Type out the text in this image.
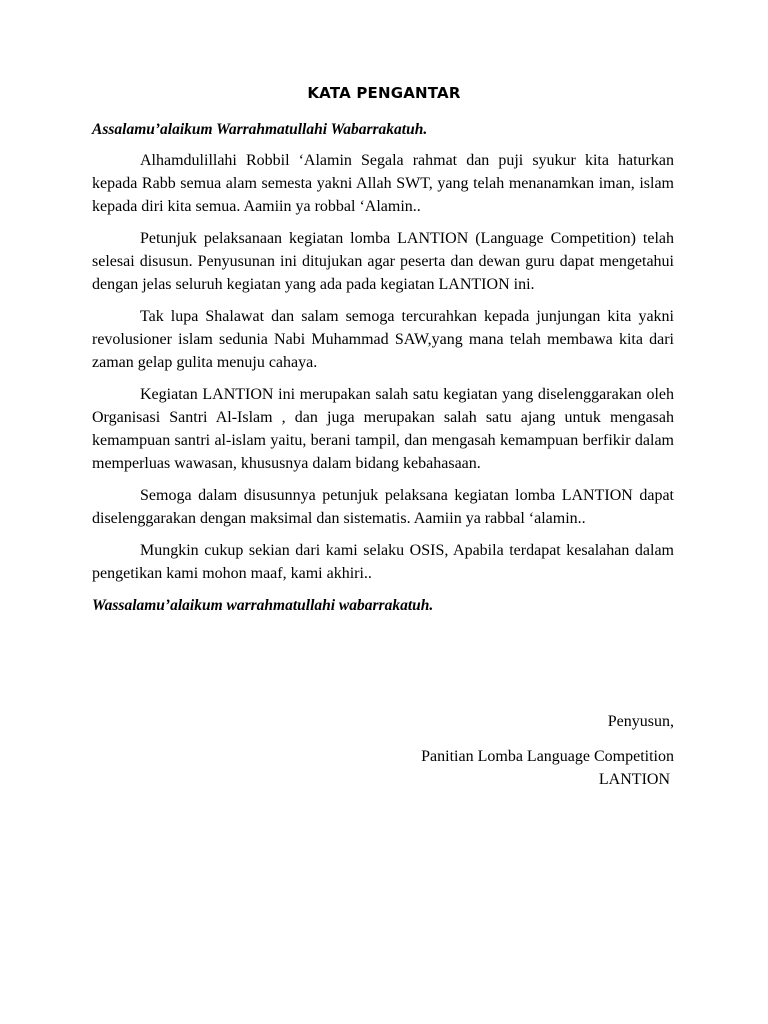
KATA PENGANTAR

Assalamu’alaikum Warrahmatullahi Wabarrakatuh.

Alhamdulillahi Robbil ‘Alamin Segala rahmat dan puji syukur kita haturkan kepada Rabb semua alam semesta yakni Allah SWT, yang telah menanamkan iman, islam kepada diri kita semua. Aamiin ya robbal ‘Alamin..

Petunjuk pelaksanaan kegiatan lomba LANTION (Language Competition) telah selesai disusun. Penyusunan ini ditujukan agar peserta dan dewan guru dapat mengetahui dengan jelas seluruh kegiatan yang ada pada kegiatan LANTION ini.

Tak lupa Shalawat dan salam semoga tercurahkan kepada junjungan kita yakni revolusioner islam sedunia Nabi Muhammad SAW,yang mana telah membawa kita dari zaman gelap gulita menuju cahaya.

Kegiatan LANTION ini merupakan salah satu kegiatan yang diselenggarakan oleh Organisasi Santri Al-Islam , dan juga merupakan salah satu ajang untuk mengasah kemampuan santri al-islam yaitu, berani tampil, dan mengasah kemampuan berfikir dalam memperluas wawasan, khususnya dalam bidang kebahasaan.

Semoga dalam disusunnya petunjuk pelaksana kegiatan lomba LANTION dapat diselenggarakan dengan maksimal dan sistematis. Aamiin ya rabbal ‘alamin..

Mungkin cukup sekian dari kami selaku OSIS, Apabila terdapat kesalahan dalam pengetikan kami mohon maaf, kami akhiri..

Wassalamu’alaikum warrahmatullahi wabarrakatuh.

Penyusun,

Panitian Lomba Language Competition

LANTION
